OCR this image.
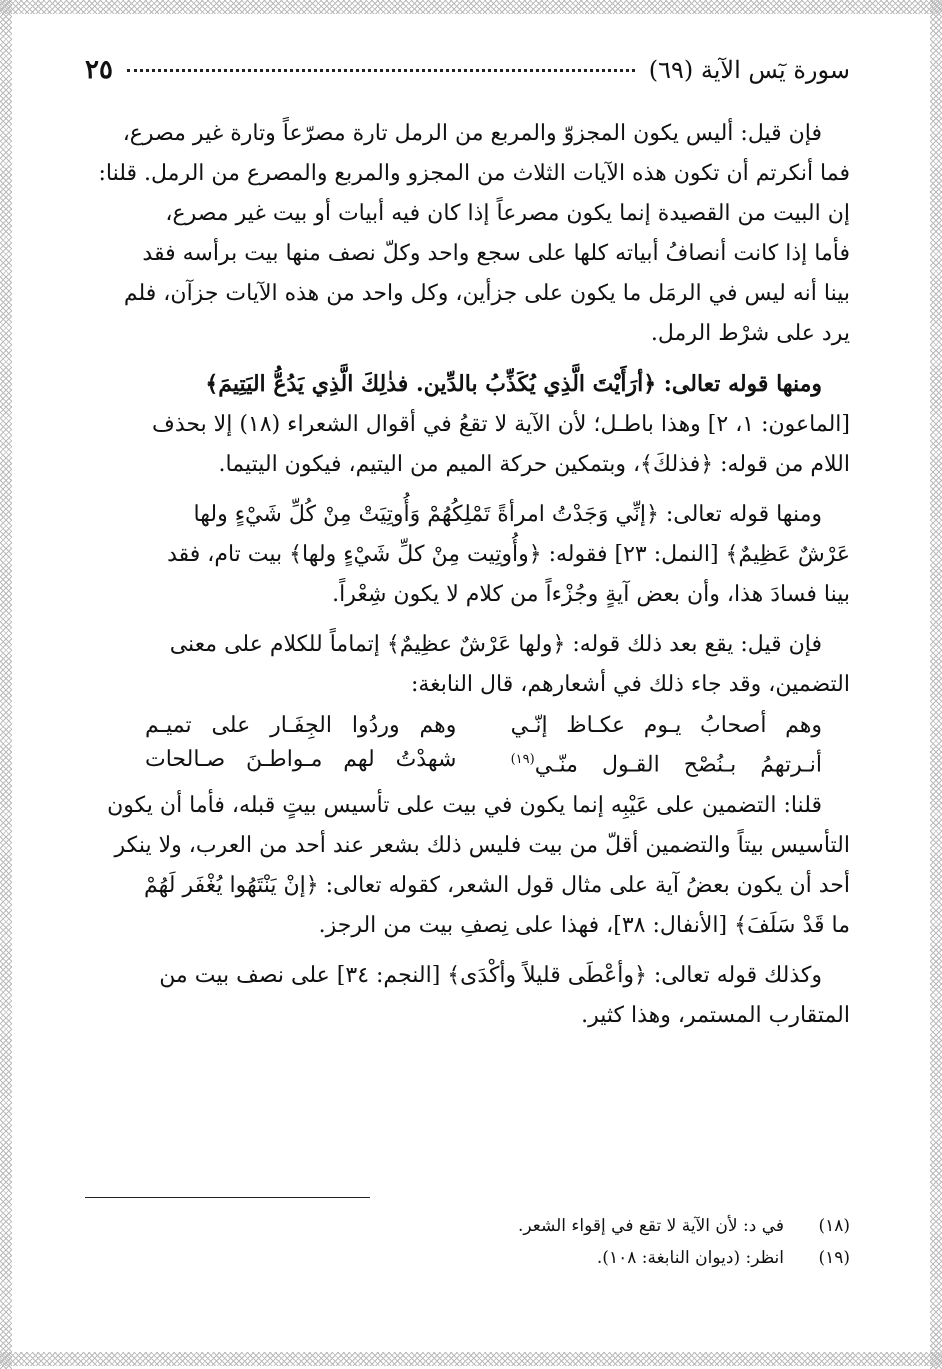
سورة يٓس الآية (٦٩)
٢٥

فإن قيل: أليس يكون المجزوّ والمربع من الرمل تارة مصرّعاً وتارة غير مصرع،
فما أنكرتم أن تكون هذه الآيات الثلاث من المجزو والمربع والمصرع من الرمل. قلنا:
إن البيت من القصيدة إنما يكون مصرعاً إذا كان فيه أبيات أو بيت غير مصرع،
فأما إذا كانت أنصافُ أبياته كلها على سجع واحد وكلّ نصف منها بيت برأسه فقد
بينا أنه ليس في الرمَل ما يكون على جزأين، وكل واحد من هذه الآيات جزآن، فلم
يرد على شرْط الرمل.

ومنها قوله تعالى: ﴿أرَأَيْتَ الَّذِي يُكَذِّبُ بالدِّين. فذٰلِكَ الَّذِي يَدُعُّ اليَتِيمَ﴾
[الماعون: ١، ٢] وهذا باطـل؛ لأن الآية لا تقعُ في أقوال الشعراء (١٨) إلا بحذف
اللام من قوله: ﴿فذلكَ﴾، وبتمكين حركة الميم من اليتيم، فيكون اليتيما.

ومنها قوله تعالى: ﴿إنِّي وَجَدْتُ امرأةً تَمْلِكُهُمْ وَأُوتِيَتْ مِنْ كُلِّ شَيْءٍ ولها
عَرْشٌ عَظِيمٌ﴾ [النمل: ٢٣] فقوله: ﴿وأُوتِيت مِنْ كلِّ شَيْءٍ ولها﴾ بيت تام، فقد
بينا فسادَ هذا، وأن بعض آيةٍ وجُزْءاً من كلام لا يكون شِعْراً.

فإن قيل: يقع بعد ذلك قوله: ﴿ولها عَرْشٌ عظِيمٌ﴾ إتماماً للكلام على معنى
التضمين، وقد جاء ذلك في أشعارهم، قال النابغة:

وهم أصحابُ يـوم عكـاظ إنّـي
وهم وردُوا الجِفَـار على تميـم
أنـرتهمُ بـنُصْح القـول منّـي$^{(١٩)}$
شهدْتُ لهم مـواطـنَ صـالحات

قلنا: التضمين على عَيْبِه إنما يكون في بيت على تأسيس بيتٍ قبله، فأما أن يكون
التأسيس بيتاً والتضمين أقلّ من بيت فليس ذلك بشعر عند أحد من العرب، ولا ينكر
أحد أن يكون بعضُ آية على مثال قول الشعر، كقوله تعالى: ﴿إنْ يَنْتَهُوا يُغْفَر لَهُمْ
ما قَدْ سَلَفَ﴾ [الأنفال: ٣٨]، فهذا على نِصفِ بيت من الرجز.

وكذلك قوله تعالى: ﴿وأعْطَى قليلاً وأكْدَى﴾ [النجم: ٣٤] على نصف بيت من
المتقارب المستمر، وهذا كثير.

(١٨)
في د: لأن الآية لا تقع في إقواء الشعر.
(١٩)
انظر: (ديوان النابغة: ١٠٨).
